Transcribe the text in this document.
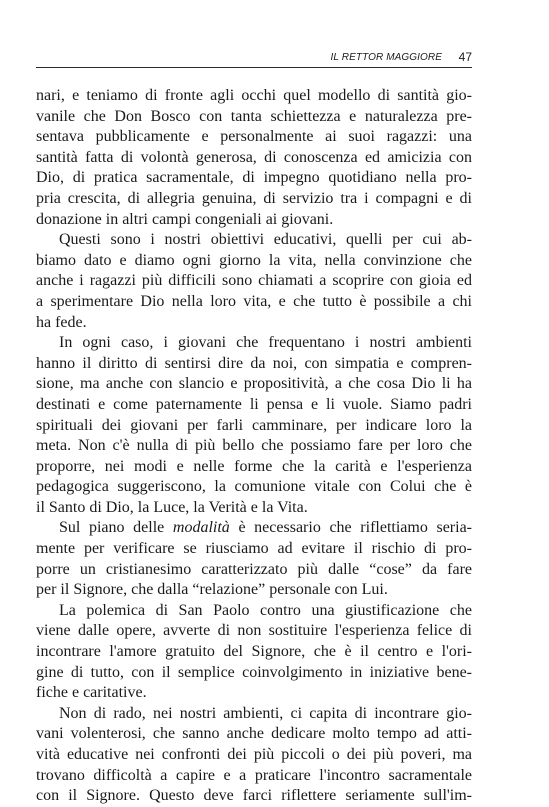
IL RETTOR MAGGIORE 47

nari, e teniamo di fronte agli occhi quel modello di santità gio-
vanile che Don Bosco con tanta schiettezza e naturalezza pre-
sentava pubblicamente e personalmente ai suoi ragazzi: una
santità fatta di volontà generosa, di conoscenza ed amicizia con
Dio, di pratica sacramentale, di impegno quotidiano nella pro-
pria crescita, di allegria genuina, di servizio tra i compagni e di
donazione in altri campi congeniali ai giovani.

Questi sono i nostri obiettivi educativi, quelli per cui ab-
biamo dato e diamo ogni giorno la vita, nella convinzione che
anche i ragazzi più difficili sono chiamati a scoprire con gioia ed
a sperimentare Dio nella loro vita, e che tutto è possibile a chi
ha fede.

In ogni caso, i giovani che frequentano i nostri ambienti
hanno il diritto di sentirsi dire da noi, con simpatia e compren-
sione, ma anche con slancio e propositività, a che cosa Dio li ha
destinati e come paternamente li pensa e li vuole. Siamo padri
spirituali dei giovani per farli camminare, per indicare loro la
meta. Non c'è nulla di più bello che possiamo fare per loro che
proporre, nei modi e nelle forme che la carità e l'esperienza
pedagogica suggeriscono, la comunione vitale con Colui che è
il Santo di Dio, la Luce, la Verità e la Vita.

Sul piano delle modalità è necessario che riflettiamo seria-
mente per verificare se riusciamo ad evitare il rischio di pro-
porre un cristianesimo caratterizzato più dalle “cose” da fare
per il Signore, che dalla “relazione” personale con Lui.

La polemica di San Paolo contro una giustificazione che
viene dalle opere, avverte di non sostituire l'esperienza felice di
incontrare l'amore gratuito del Signore, che è il centro e l'ori-
gine di tutto, con il semplice coinvolgimento in iniziative bene-
fiche e caritative.

Non di rado, nei nostri ambienti, ci capita di incontrare gio-
vani volenterosi, che sanno anche dedicare molto tempo ad atti-
vità educative nei confronti dei più piccoli o dei più poveri, ma
trovano difficoltà a capire e a praticare l'incontro sacramentale
con il Signore. Questo deve farci riflettere seriamente sull'im-
